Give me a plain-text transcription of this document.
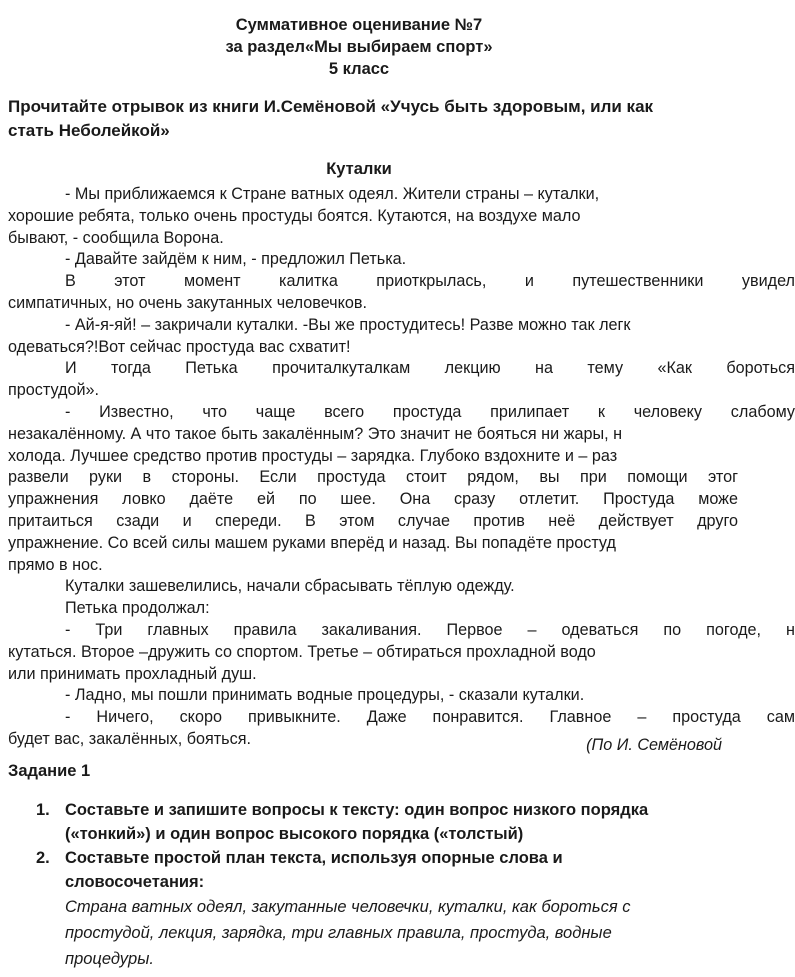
Суммативное оценивание №7
за раздел«Мы выбираем спорт»
5 класс
Прочитайте отрывок из книги И.Семёновой «Учусь быть здоровым, или как
стать Неболейкой»
Куталки
- Мы приближаемся к Стране ватных одеял. Жители страны – куталки,
хорошие ребята, только очень простуды боятся. Кутаются, на воздухе мало
бывают, - сообщила Ворона.
- Давайте зайдём к ним, - предложил Петька.
В этот момент калитка приоткрылась, и путешественники увидел
симпатичных, но очень закутанных человечков.
- Ай-я-яй! – закричали куталки. -Вы же простудитесь! Разве можно так легк
одеваться?!Вот сейчас простуда вас схватит!
И тогда Петька прочиталкуталкам лекцию на тему «Как бороться
простудой».
- Известно, что чаще всего простуда прилипает к человеку слабому
незакалённому. А что такое быть закалённым? Это значит не бояться ни жары, н
холода. Лучшее средство против простуды – зарядка. Глубоко вздохните и – раз
развели руки в стороны. Если простуда стоит рядом, вы при помощи этог
упражнения ловко даёте ей по шее. Она сразу отлетит. Простуда може
притаиться сзади и спереди. В этом случае против неё действует друго
упражнение. Со всей силы машем руками вперёд и назад. Вы попадёте простуд
прямо в нос.
Куталки зашевелились, начали сбрасывать тёплую одежду.
Петька продолжал:
- Три главных правила закаливания. Первое – одеваться по погоде, н
кутаться. Второе –дружить со спортом. Третье – обтираться прохладной водо
или принимать прохладный душ.
- Ладно, мы пошли принимать водные процедуры, - сказали куталки.
- Ничего, скоро привыкните. Даже понравится. Главное – простуда сам
будет вас, закалённых, бояться.	(По И. Семёновой
Задание 1
1. Составьте и запишите вопросы к тексту: один вопрос низкого порядка
(«тонкий») и один вопрос высокого порядка («толстый)
2. Составьте простой план текста, используя опорные слова и
словосочетания:
Страна ватных одеял, закутанные человечки, куталки, как бороться с
простудой, лекция, зарядка, три главных правила, простуда, водные
процедуры.
